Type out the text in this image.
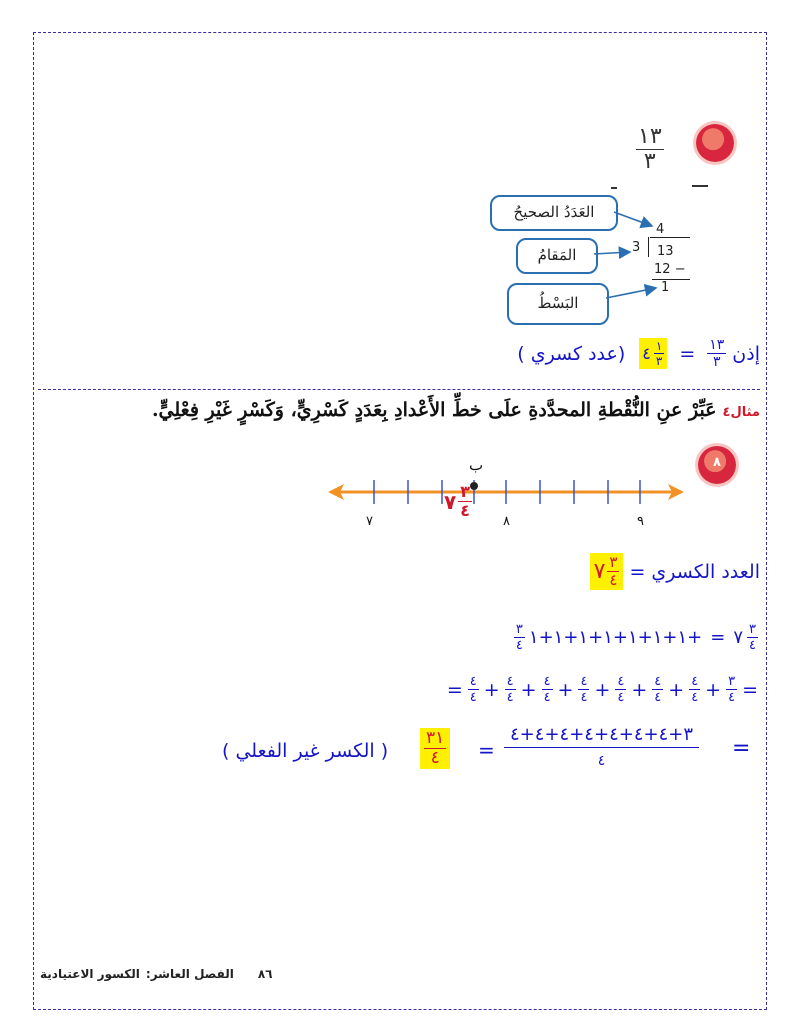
١٣
٣
العَدَدُ الصحيحُ
المَقامُ
البَسْطُ
4
3 13
12 −
1
إذن
$\frac{١٣}{٣}$
=
$\frac{١}{٣}$
٤
(عدد كسري )
مثال٤عَبِّرْ عنِ النُّقْطةِ المحدَّدةِ علَى خطِّ الأَعْدادِ بِعَدَدٍ كَسْرِيٍّ، وَكَسْرٍ غَيْرِ فِعْلِيٍّ.
٨
ب
٧	٨	٩
٧ $\frac{٣}{٤}$
العدد الكسري =
$\frac{٣}{٤}$
٧
$\frac{٣}{٤}$ ١+١+١+١+١+١+١+ = ٧ $\frac{٣}{٤}$
= $\frac{٤}{٤} + \frac{٤}{٤} + \frac{٤}{٤} + \frac{٤}{٤} + \frac{٤}{٤} + \frac{٤}{٤} + \frac{٤}{٤} + \frac{٣}{٤}$ =
( الكسر غير الفعلي )
٣١
٤ =
٣+٤+٤+٤+٤+٤+٤+٤
٤	=
٨٦
الفصل العاشر:
الكسور الاعتيادية
